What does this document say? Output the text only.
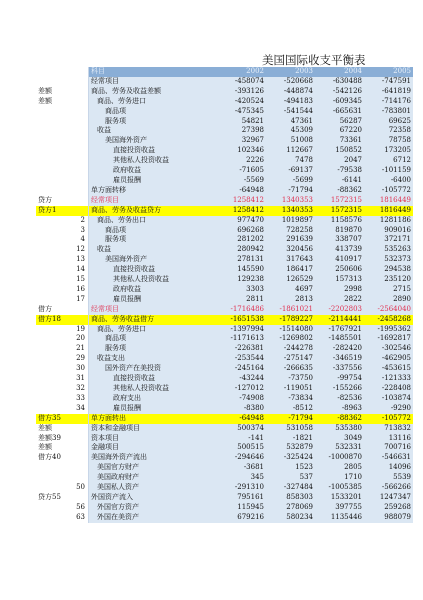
美国国际收支平衡表
		科目	2002	2003	2004	2005
		经常项目	-458074	-520668	-630488	-747591
差额		商品、劳务及收益差额	-393126	-448874	-542126	-641819
差额		商品、劳务进口	-420524	-494183	-609345	-714176
		商品项	-475345	-541544	-665631	-783801
		服务项	54821	47361	56287	69625
		收益	27398	45309	67220	72358
		美国海外资产	32967	51008	73361	78758
		直接投资收益	102346	112667	150852	173205
		其他私人投资收益	2226	7478	2047	6712
		政府收益	-71605	-69137	-79538	-101159
		雇员报酬	-5569	-5699	-6141	-6400
		单方面转移	-64948	-71794	-88362	-105772
贷方		经常项目	1258412	1340353	1572315	1816449
贷方1		商品、劳务及收益贷方	1258412	1340353	1572315	1816449
	2	商品、劳务出口	977470	1019897	1158576	1281186
	3	商品项	696268	728258	819870	909016
	4	服务项	281202	291639	338707	372171
	12	收益	280942	320456	413739	535263
	13	美国海外资产	278131	317643	410917	532373
	14	直接投资收益	145590	186417	250606	294538
	15	其他私人投资收益	129238	126529	157313	235120
	16	政府收益	3303	4697	2998	2715
	17	雇员报酬	2811	2813	2822	2890
借方		经常项目	-1716486	-1861021	-2202803	-2564040
借方18		商品、劳务收益借方	-1651538	-1789227	-2114441	-2458268
	19	商品、劳务进口	-1397994	-1514080	-1767921	-1995362
	20	商品项	-1171613	-1269802	-1485501	-1692817
	21	服务项	-226381	-244278	-282420	-302546
	29	收益支出	-253544	-275147	-346519	-462905
	30	国外资产在美投资	-245164	-266635	-337556	-453615
	31	直接投资收益	-43244	-73750	-99754	-121333
	32	其他私人投资收益	-127012	-119051	-155266	-228408
	33	政府支出	-74908	-73834	-82536	-103874
	34	雇员报酬	-8380	-8512	-8963	-9290
借方35		单方面转出	-64948	-71794	-88362	-105772
差额		资本和金融项目	500374	531058	535380	713832
差额39		资本项目	-141	-1821	3049	13116
差额		金融项目	500515	532879	532331	700716
借方40		美国海外资产流出	-294646	-325424	-1000870	-546631
		美国官方财产	-3681	1523	2805	14096
		美国政府财产	345	537	1710	5539
	50	美国私人资产	-291310	-327484	-1005385	-566266
贷方55		外国资产流入	795161	858303	1533201	1247347
	56	外国官方资产	115945	278069	397755	259268
	63	外国在美资产	679216	580234	1135446	988079
